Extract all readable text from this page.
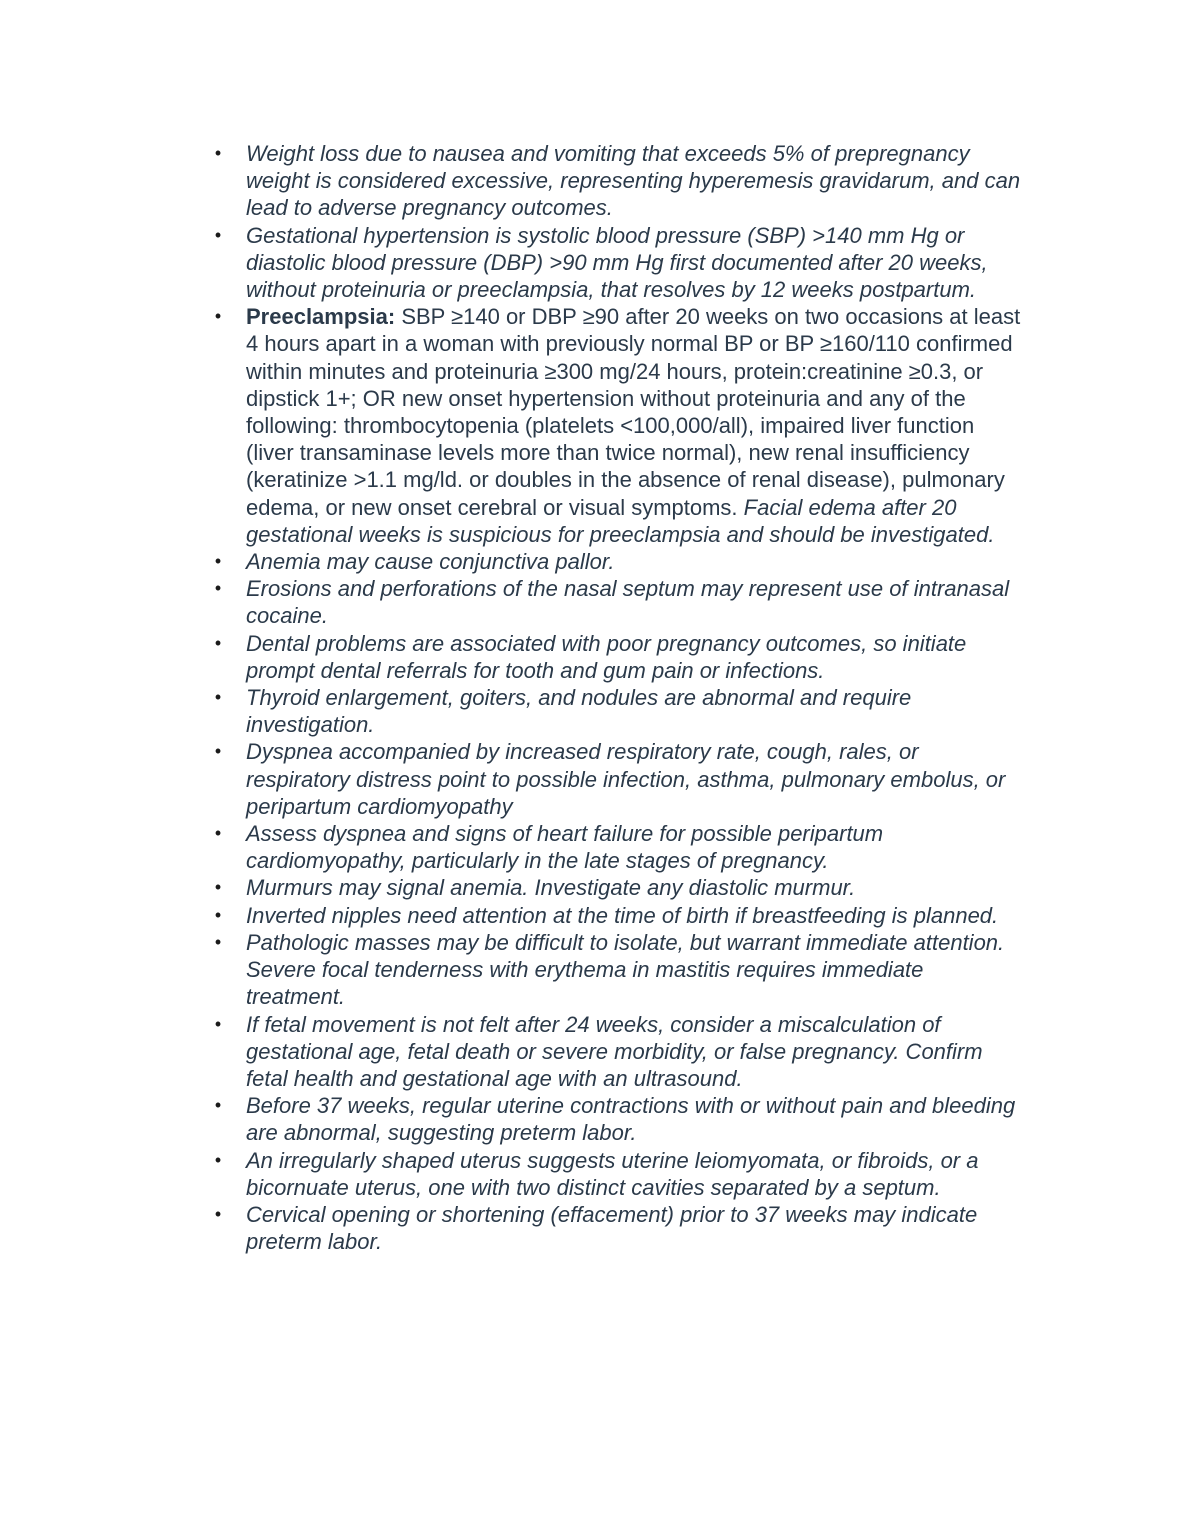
• Weight loss due to nausea and vomiting that exceeds 5% of prepregnancy weight is considered excessive, representing hyperemesis gravidarum, and can lead to adverse pregnancy outcomes.
• Gestational hypertension is systolic blood pressure (SBP) >140 mm Hg or diastolic blood pressure (DBP) >90 mm Hg first documented after 20 weeks, without proteinuria or preeclampsia, that resolves by 12 weeks postpartum.
• Preeclampsia: SBP ≥140 or DBP ≥90 after 20 weeks on two occasions at least 4 hours apart in a woman with previously normal BP or BP ≥160/110 confirmed within minutes and proteinuria ≥300 mg/24 hours, protein:creatinine ≥0.3, or dipstick 1+; OR new onset hypertension without proteinuria and any of the following: thrombocytopenia (platelets <100,000/all), impaired liver function (liver transaminase levels more than twice normal), new renal insufficiency (keratinize >1.1 mg/ld. or doubles in the absence of renal disease), pulmonary edema, or new onset cerebral or visual symptoms. Facial edema after 20 gestational weeks is suspicious for preeclampsia and should be investigated.
• Anemia may cause conjunctiva pallor.
• Erosions and perforations of the nasal septum may represent use of intranasal cocaine.
• Dental problems are associated with poor pregnancy outcomes, so initiate prompt dental referrals for tooth and gum pain or infections.
• Thyroid enlargement, goiters, and nodules are abnormal and require investigation.
• Dyspnea accompanied by increased respiratory rate, cough, rales, or respiratory distress point to possible infection, asthma, pulmonary embolus, or peripartum cardiomyopathy
• Assess dyspnea and signs of heart failure for possible peripartum cardiomyopathy, particularly in the late stages of pregnancy.
• Murmurs may signal anemia. Investigate any diastolic murmur.
• Inverted nipples need attention at the time of birth if breastfeeding is planned.
• Pathologic masses may be difficult to isolate, but warrant immediate attention. Severe focal tenderness with erythema in mastitis requires immediate treatment.
• If fetal movement is not felt after 24 weeks, consider a miscalculation of gestational age, fetal death or severe morbidity, or false pregnancy. Confirm fetal health and gestational age with an ultrasound.
• Before 37 weeks, regular uterine contractions with or without pain and bleeding are abnormal, suggesting preterm labor.
• An irregularly shaped uterus suggests uterine leiomyomata, or fibroids, or a bicornuate uterus, one with two distinct cavities separated by a septum.
• Cervical opening or shortening (effacement) prior to 37 weeks may indicate preterm labor.
